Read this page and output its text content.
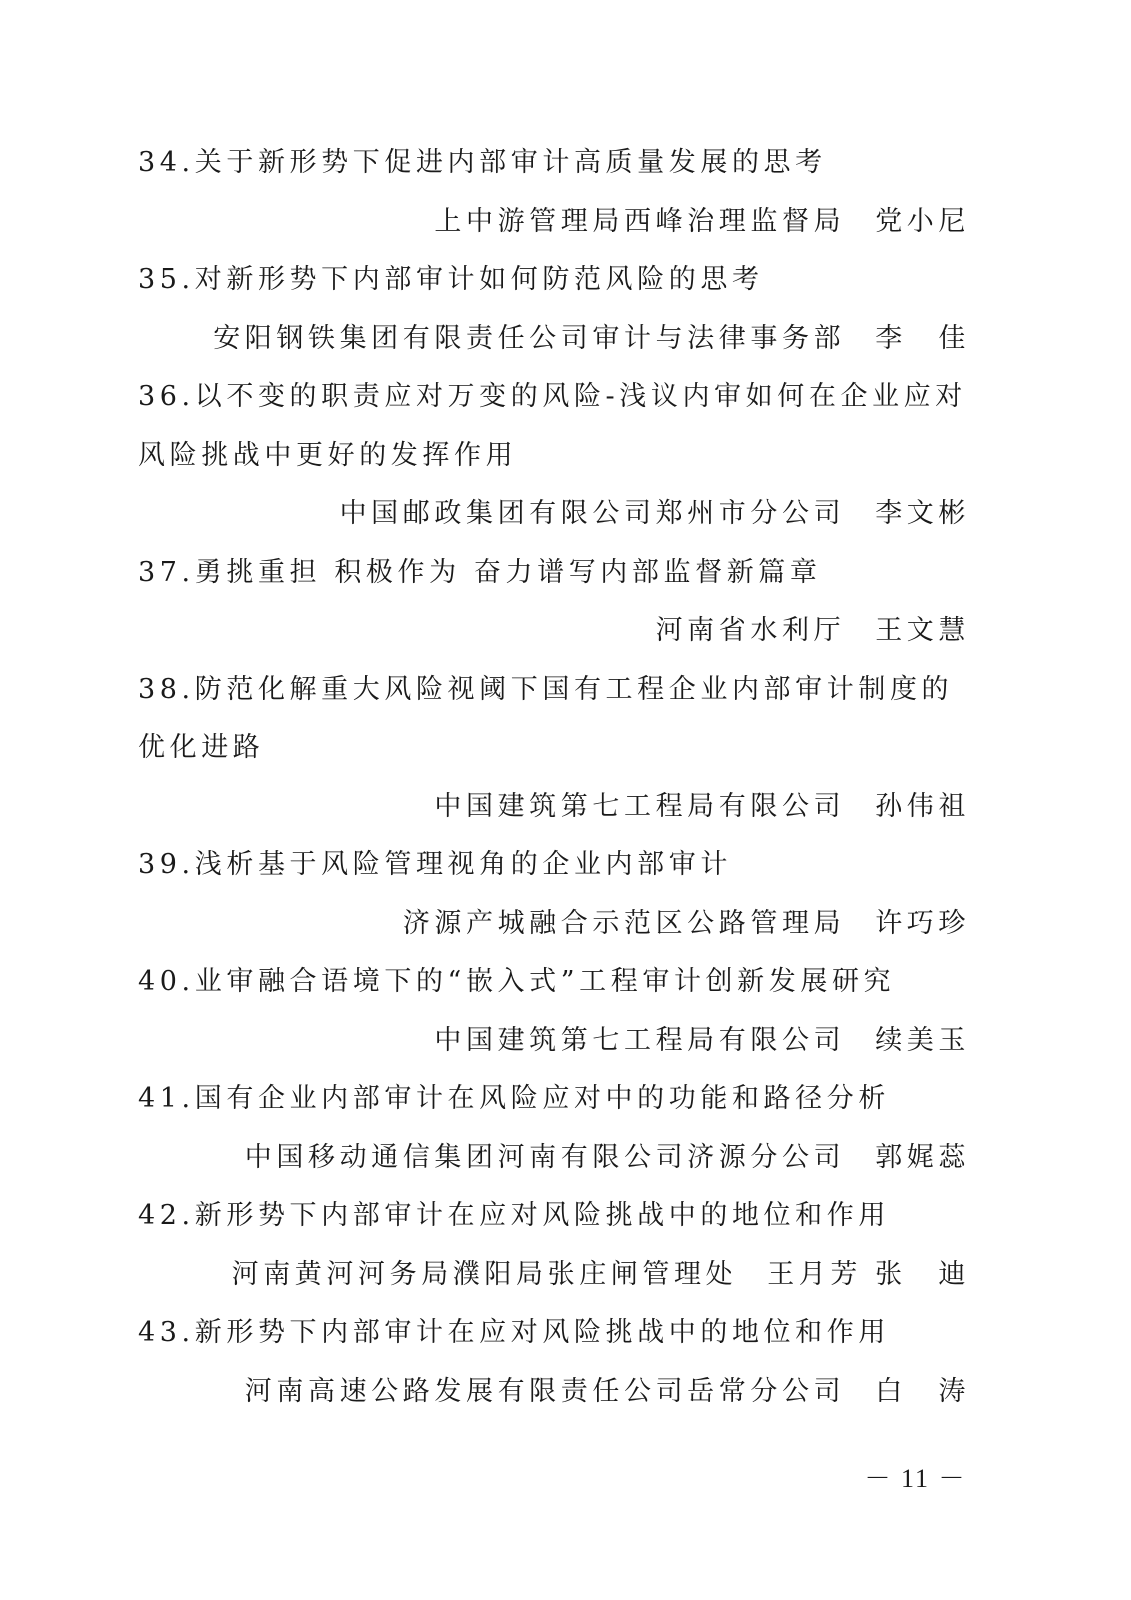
34.关于新形势下促进内部审计高质量发展的思考

上中游管理局西峰治理监督局 党小尼

35.对新形势下内部审计如何防范风险的思考

安阳钢铁集团有限责任公司审计与法律事务部 李　佳

36.以不变的职责应对万变的风险-浅议内审如何在企业应对风险挑战中更好的发挥作用

中国邮政集团有限公司郑州市分公司 李文彬

37.勇挑重担 积极作为 奋力谱写内部监督新篇章

河南省水利厅 王文慧

38.防范化解重大风险视阈下国有工程企业内部审计制度的优化进路

中国建筑第七工程局有限公司 孙伟祖

39.浅析基于风险管理视角的企业内部审计

济源产城融合示范区公路管理局 许巧珍

40.业审融合语境下的“嵌入式”工程审计创新发展研究

中国建筑第七工程局有限公司 续美玉

41.国有企业内部审计在风险应对中的功能和路径分析

中国移动通信集团河南有限公司济源分公司 郭娓蕊

42.新形势下内部审计在应对风险挑战中的地位和作用

河南黄河河务局濮阳局张庄闸管理处 王月芳 张　迪

43.新形势下内部审计在应对风险挑战中的地位和作用

河南高速公路发展有限责任公司岳常分公司 白　涛

－ 11 －
